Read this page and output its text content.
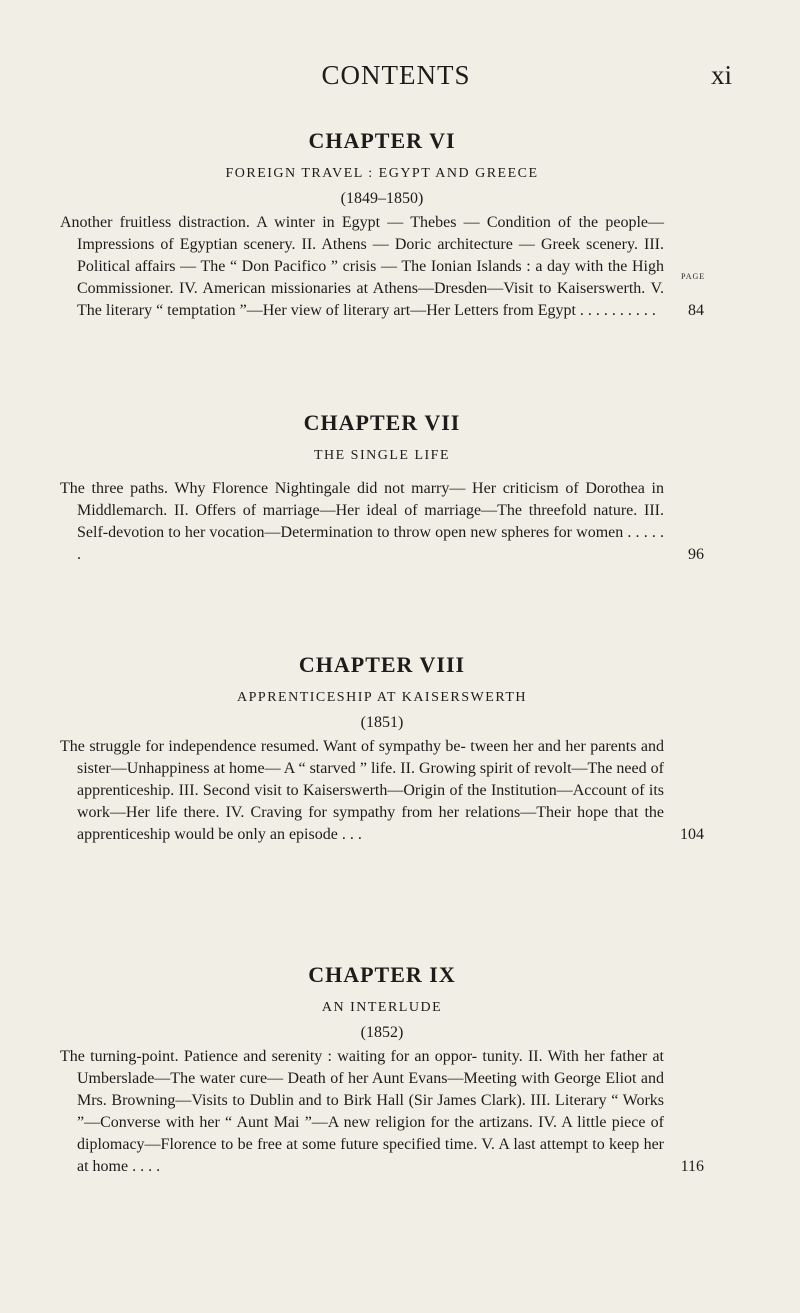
CONTENTS	xi
PAGE
CHAPTER VI
FOREIGN TRAVEL : EGYPT AND GREECE
(1849–1850)
Another fruitless distraction. A winter in Egypt — Thebes — Condition of the people—Impressions of Egyptian scenery. II. Athens — Doric architecture — Greek scenery. III. Political affairs — The “ Don Pacifico ” crisis — The Ionian Islands : a day with the High Commissioner. IV. American missionaries at Athens—Dresden—Visit to Kaiserswerth. V. The literary “ temptation ”—Her view of literary art—Her Letters from Egypt . . . . . . . . . . 84
CHAPTER VII
THE SINGLE LIFE
The three paths. Why Florence Nightingale did not marry— Her criticism of Dorothea in Middlemarch. II. Offers of marriage—Her ideal of marriage—The threefold nature. III. Self-devotion to her vocation—Determination to throw open new spheres for women . . . . . .	96
CHAPTER VIII
APPRENTICESHIP AT KAISERSWERTH
(1851)
The struggle for independence resumed. Want of sympathy be- tween her and her parents and sister—Unhappiness at home— A “ starved ” life. II. Growing spirit of revolt—The need of apprenticeship. III. Second visit to Kaiserswerth—Origin of the Institution—Account of its work—Her life there. IV. Craving for sympathy from her relations—Their hope that the apprenticeship would be only an episode . . .	104
CHAPTER IX
AN INTERLUDE
(1852)
The turning-point. Patience and serenity : waiting for an oppor- tunity. II. With her father at Umberslade—The water cure— Death of her Aunt Evans—Meeting with George Eliot and Mrs. Browning—Visits to Dublin and to Birk Hall (Sir James Clark). III. Literary “ Works ”—Converse with her “ Aunt Mai ”—A new religion for the artizans. IV. A little piece of diplomacy—Florence to be free at some future specified time. V. A last attempt to keep her at home . . . .	116
